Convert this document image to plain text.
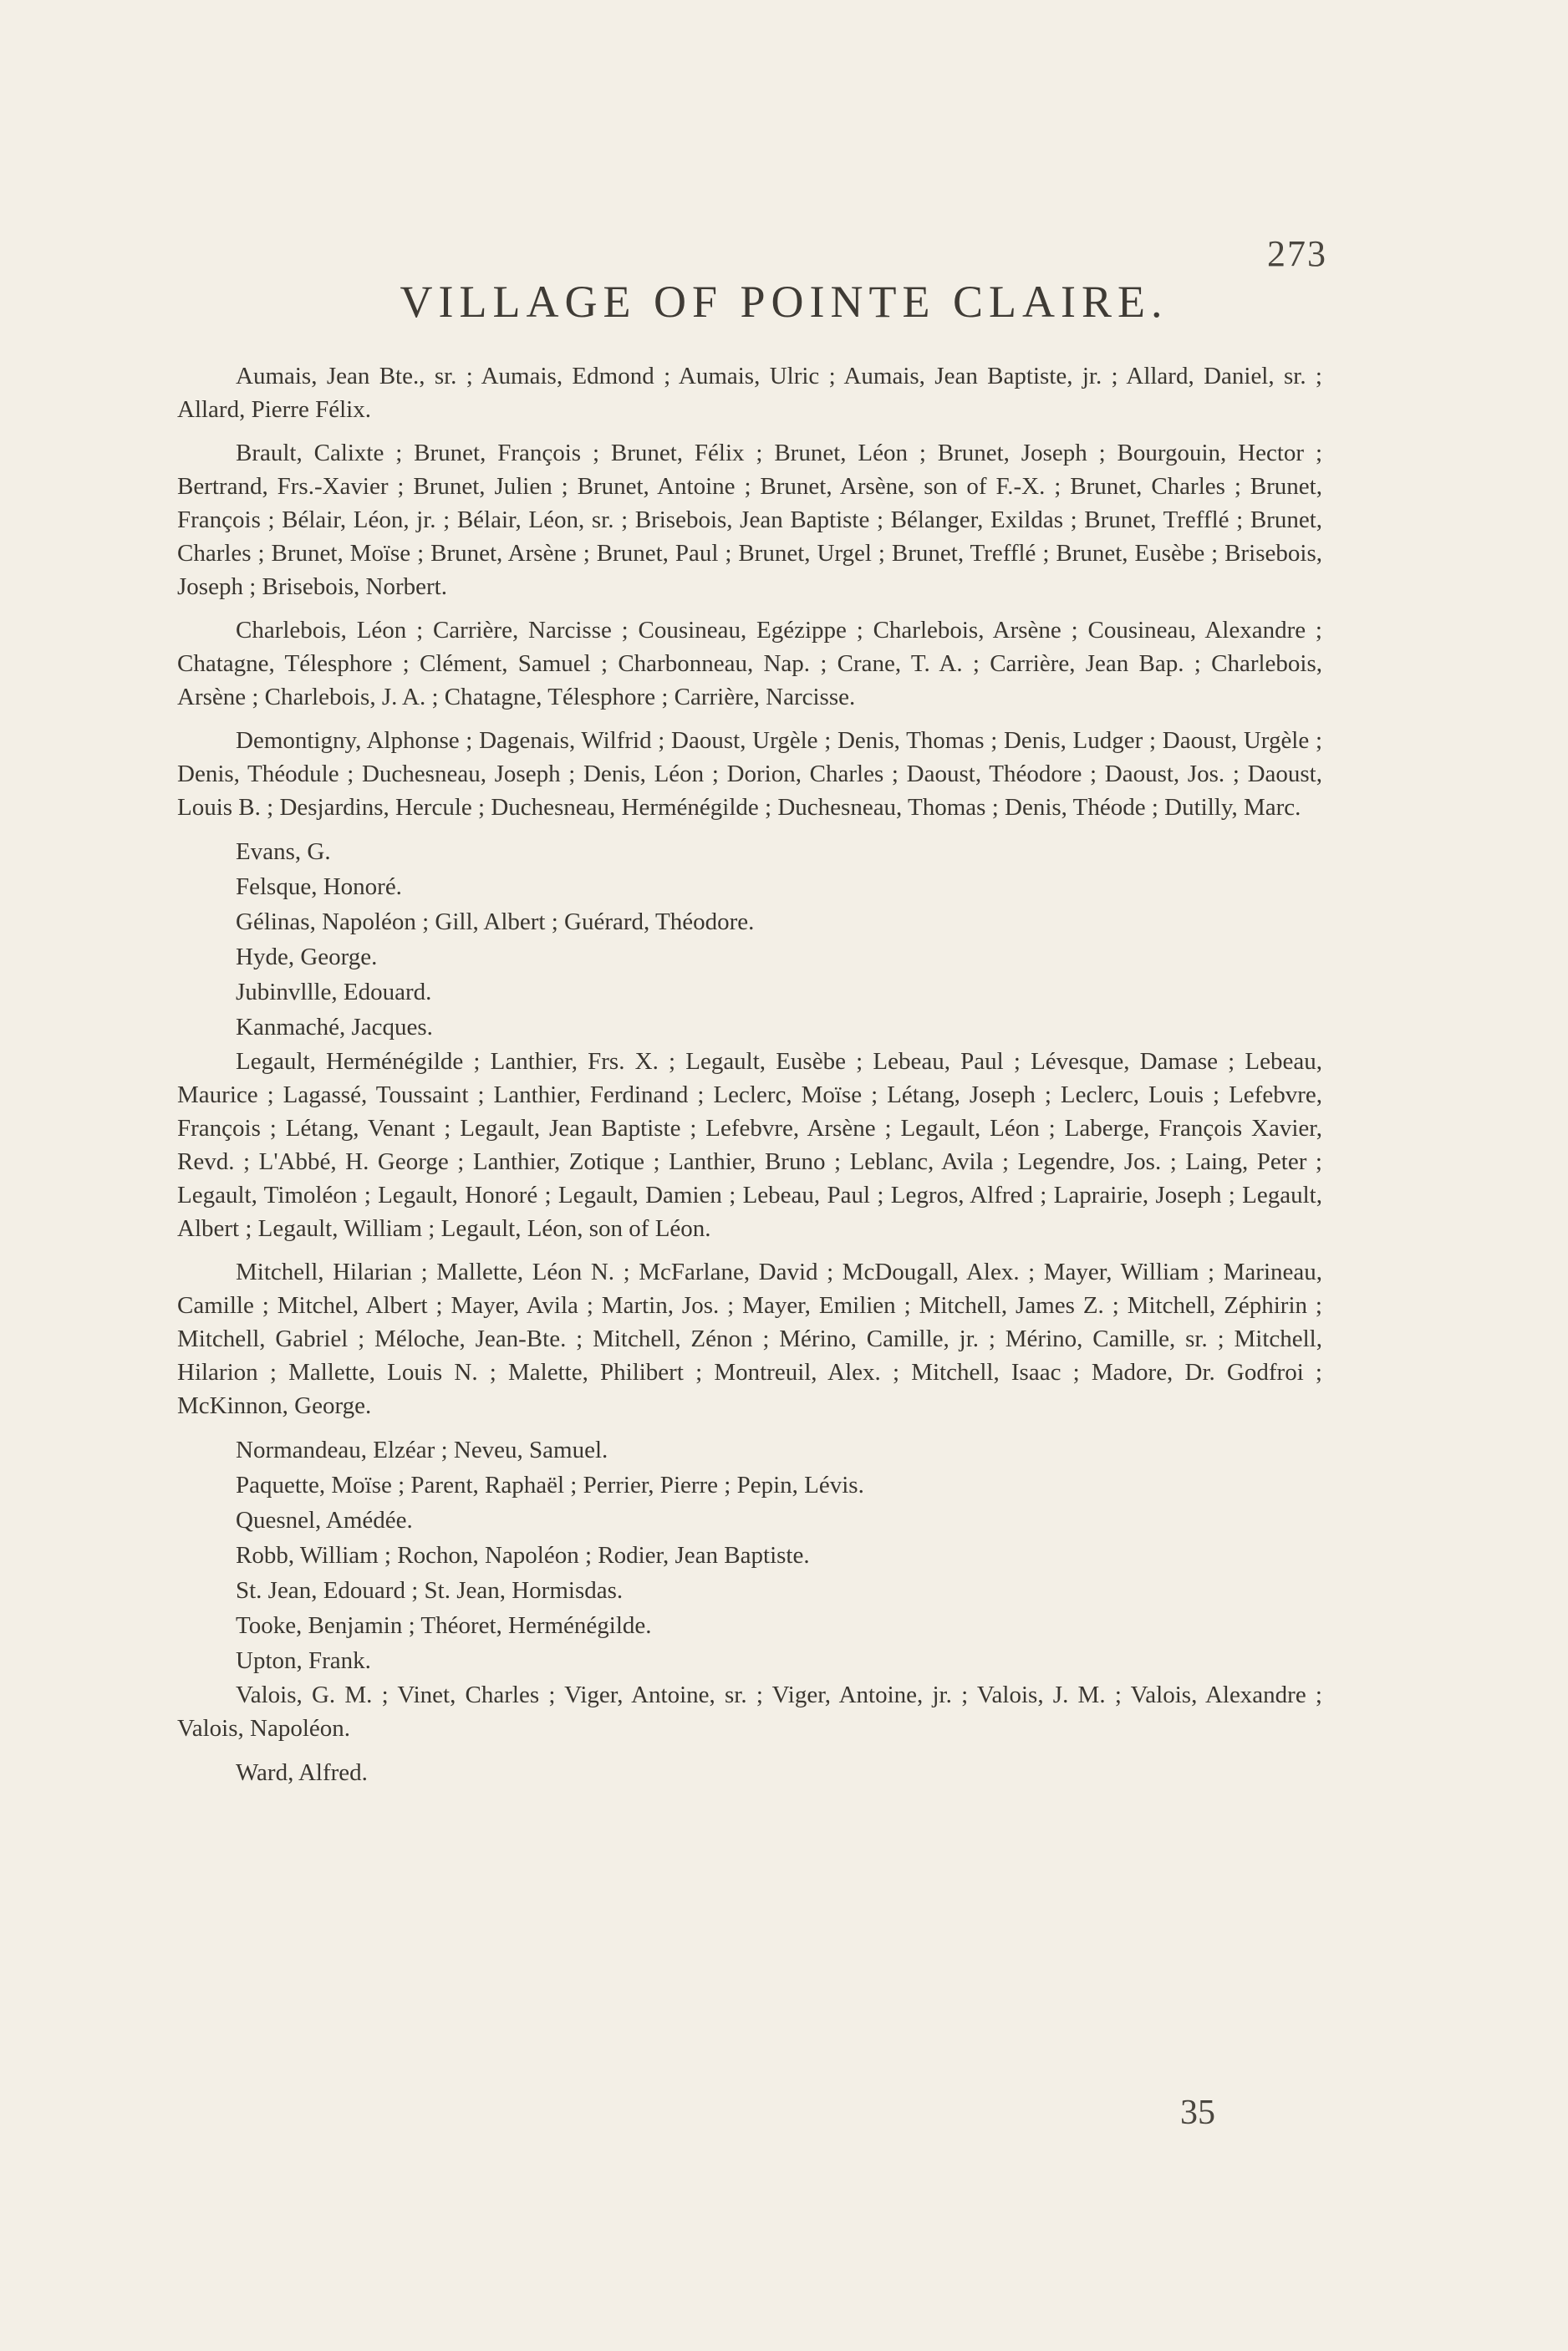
273
VILLAGE OF POINTE CLAIRE.

Aumais, Jean Bte., sr. ; Aumais, Edmond ; Aumais, Ulric ; Aumais, Jean Baptiste, jr. ; Allard, Daniel, sr. ; Allard, Pierre Félix.

Brault, Calixte ; Brunet, François ; Brunet, Félix ; Brunet, Léon ; Brunet, Joseph ; Bourgouin, Hector ; Bertrand, Frs.-Xavier ; Brunet, Julien ; Brunet, Antoine ; Brunet, Arsène, son of F.-X. ; Brunet, Charles ; Brunet, François ; Bélair, Léon, jr. ; Bélair, Léon, sr. ; Brisebois, Jean Baptiste ; Bélanger, Exildas ; Brunet, Trefflé ; Brunet, Charles ; Brunet, Moïse ; Brunet, Arsène ; Brunet, Paul ; Brunet, Urgel ; Brunet, Trefflé ; Brunet, Eusèbe ; Brisebois, Joseph ; Brisebois, Norbert.

Charlebois, Léon ; Carrière, Narcisse ; Cousineau, Egézippe ; Charlebois, Arsène ; Cousineau, Alexandre ; Chatagne, Télesphore ; Clément, Samuel ; Charbonneau, Nap. ; Crane, T. A. ; Carrière, Jean Bap. ; Charlebois, Arsène ; Charlebois, J. A. ; Chatagne, Télesphore ; Carrière, Narcisse.

Demontigny, Alphonse ; Dagenais, Wilfrid ; Daoust, Urgèle ; Denis, Thomas ; Denis, Ludger ; Daoust, Urgèle ; Denis, Théodule ; Duchesneau, Joseph ; Denis, Léon ; Dorion, Charles ; Daoust, Théodore ; Daoust, Jos. ; Daoust, Louis B. ; Desjardins, Hercule ; Duchesneau, Herménégilde ; Duchesneau, Thomas ; Denis, Théode ; Dutilly, Marc.

Evans, G.

Felsque, Honoré.

Gélinas, Napoléon ; Gill, Albert ; Guérard, Théodore.

Hyde, George.

Jubinvllle, Edouard.

Kanmaché, Jacques.

Legault, Herménégilde ; Lanthier, Frs. X. ; Legault, Eusèbe ; Lebeau, Paul ; Lévesque, Damase ; Lebeau, Maurice ; Lagassé, Toussaint ; Lanthier, Ferdinand ; Leclerc, Moïse ; Létang, Joseph ; Leclerc, Louis ; Lefebvre, François ; Létang, Venant ; Legault, Jean Baptiste ; Lefebvre, Arsène ; Legault, Léon ; Laberge, François Xavier, Revd. ; L'Abbé, H. George ; Lanthier, Zotique ; Lanthier, Bruno ; Leblanc, Avila ; Legendre, Jos. ; Laing, Peter ; Legault, Timoléon ; Legault, Honoré ; Legault, Damien ; Lebeau, Paul ; Legros, Alfred ; Laprairie, Joseph ; Legault, Albert ; Legault, William ; Legault, Léon, son of Léon.

Mitchell, Hilarian ; Mallette, Léon N. ; McFarlane, David ; McDougall, Alex. ; Mayer, William ; Marineau, Camille ; Mitchel, Albert ; Mayer, Avila ; Martin, Jos. ; Mayer, Emilien ; Mitchell, James Z. ; Mitchell, Zéphirin ; Mitchell, Gabriel ; Méloche, Jean-Bte. ; Mitchell, Zénon ; Mérino, Camille, jr. ; Mérino, Camille, sr. ; Mitchell, Hilarion ; Mallette, Louis N. ; Malette, Philibert ; Montreuil, Alex. ; Mitchell, Isaac ; Madore, Dr. Godfroi ; McKinnon, George.

Normandeau, Elzéar ; Neveu, Samuel.

Paquette, Moïse ; Parent, Raphaël ; Perrier, Pierre ; Pepin, Lévis.

Quesnel, Amédée.

Robb, William ; Rochon, Napoléon ; Rodier, Jean Baptiste.

St. Jean, Edouard ; St. Jean, Hormisdas.

Tooke, Benjamin ; Théoret, Herménégilde.

Upton, Frank.

Valois, G. M. ; Vinet, Charles ; Viger, Antoine, sr. ; Viger, Antoine, jr. ; Valois, J. M. ; Valois, Alexandre ; Valois, Napoléon.

Ward, Alfred.

35
